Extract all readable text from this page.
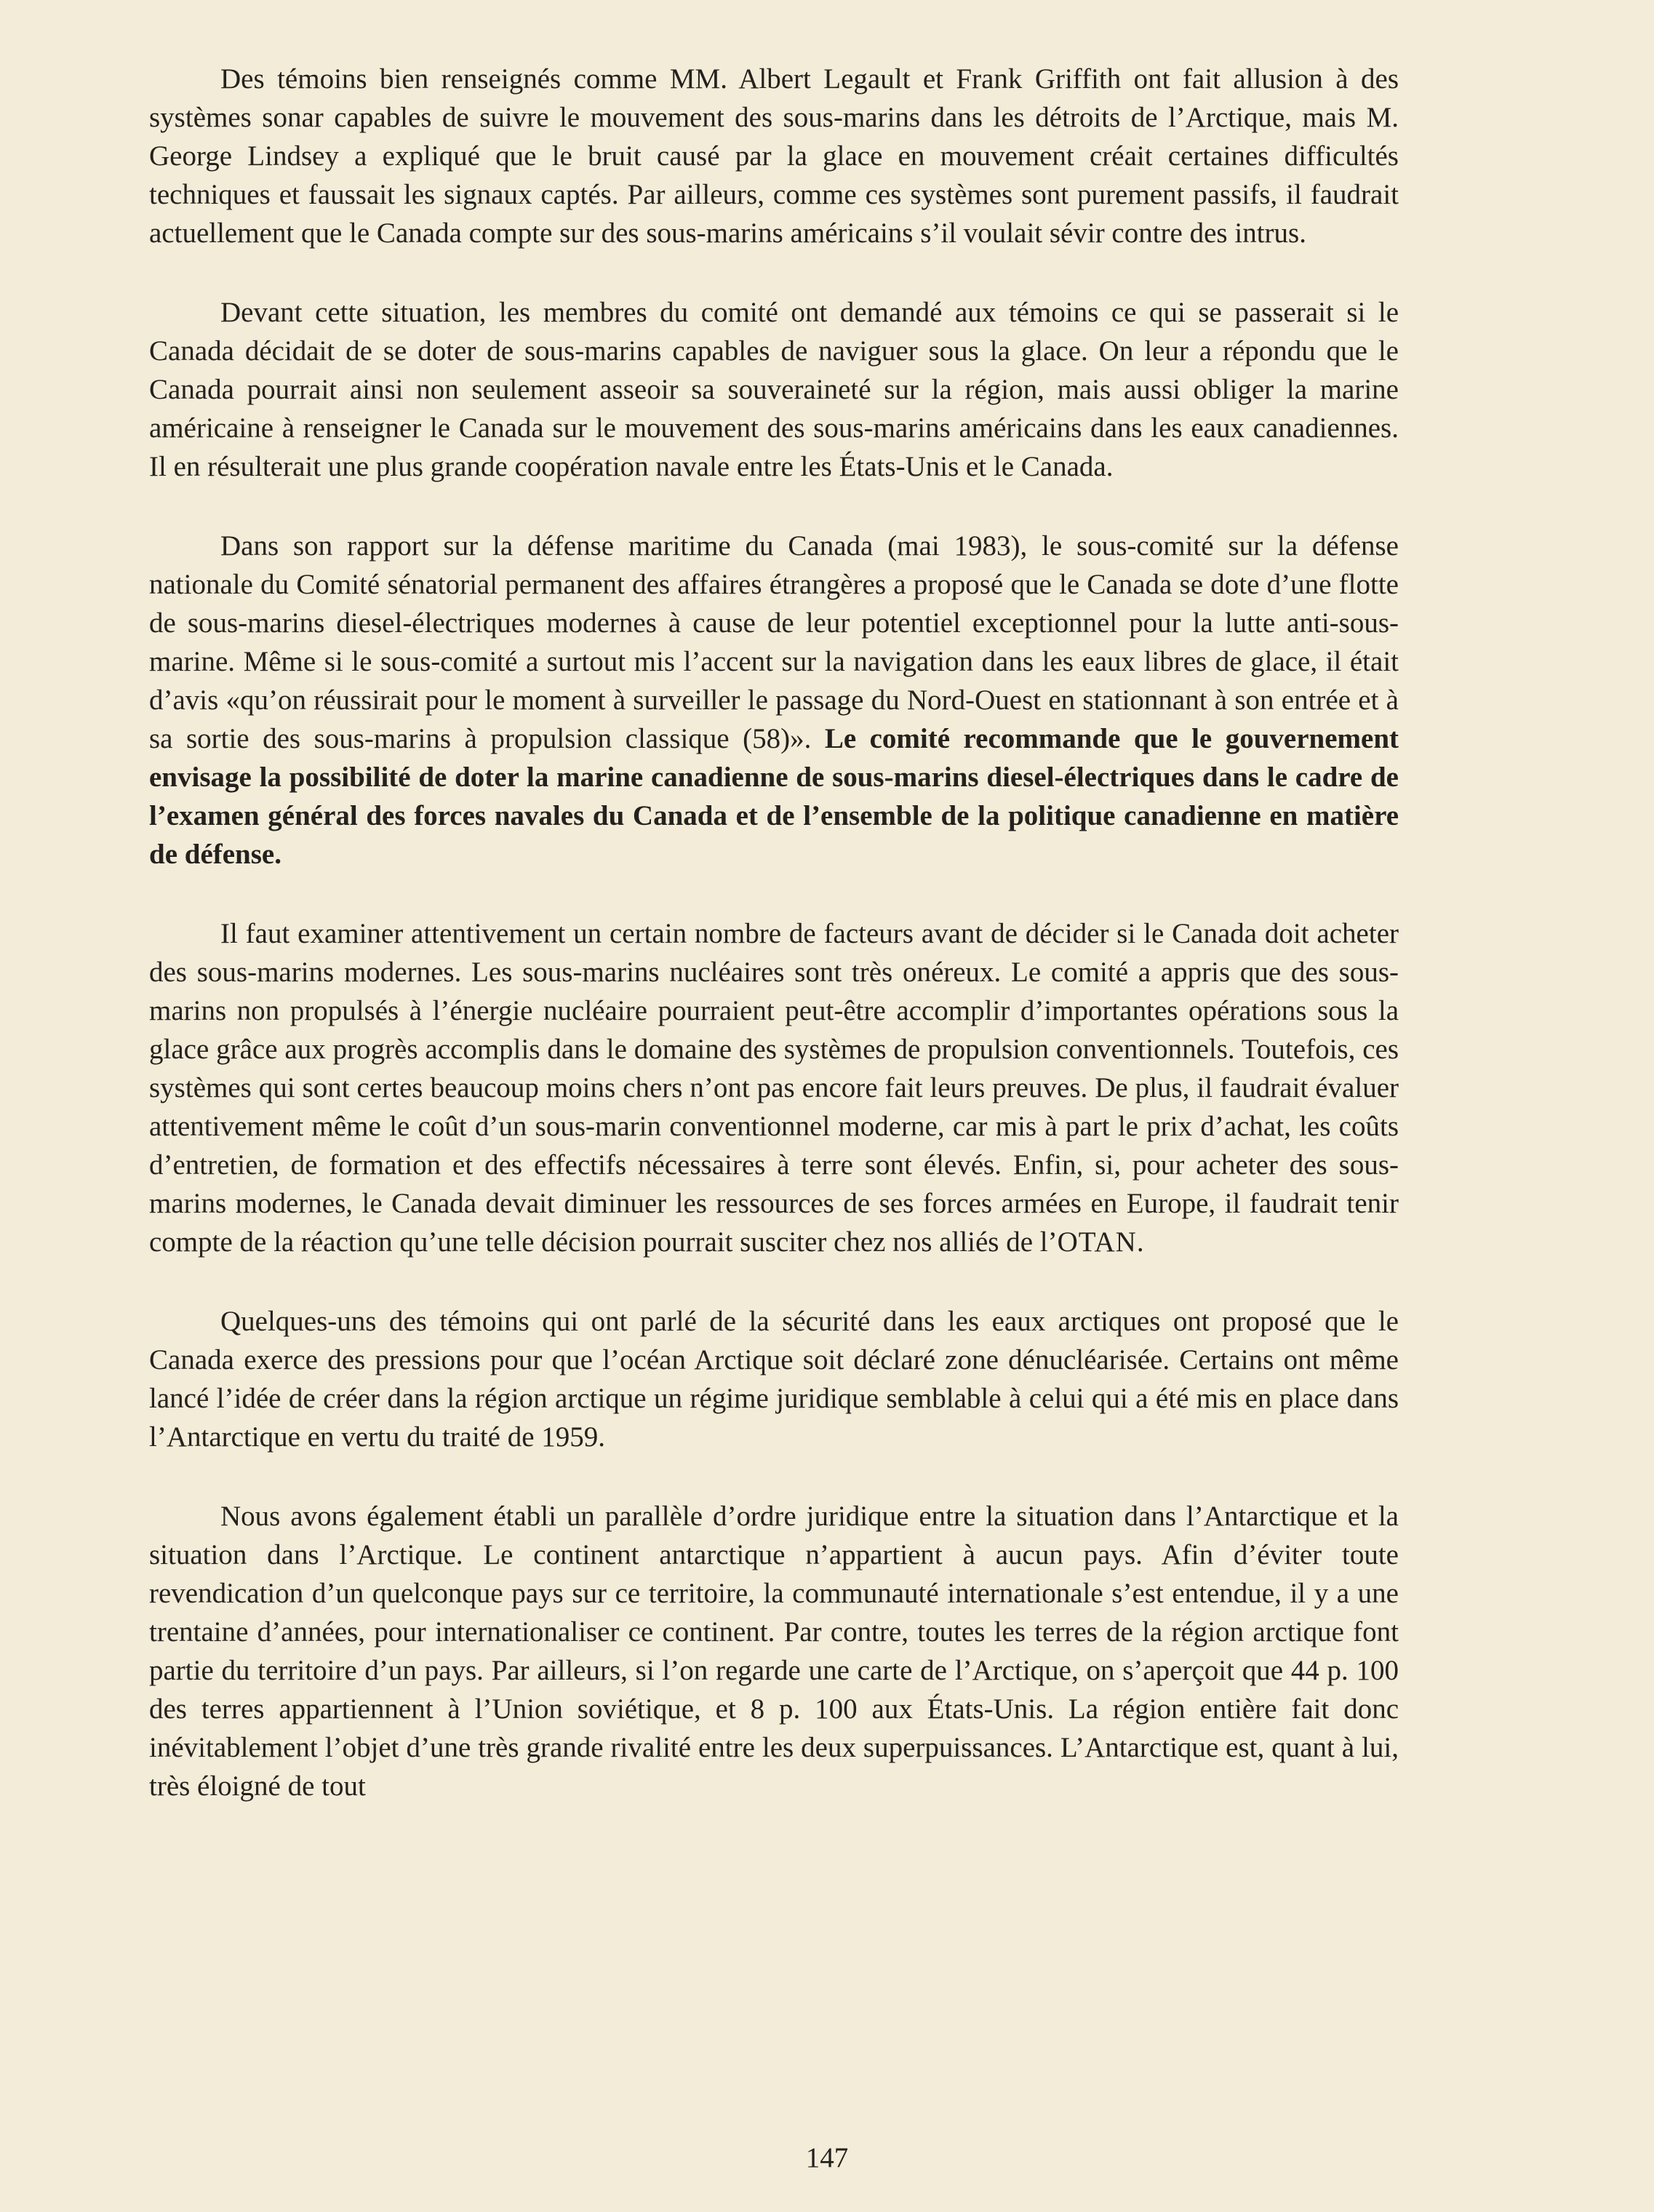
Des témoins bien renseignés comme MM. Albert Legault et Frank Griffith ont fait allusion à des systèmes sonar capables de suivre le mouvement des sous-marins dans les détroits de l’Arctique, mais M. George Lindsey a expliqué que le bruit causé par la glace en mouvement créait certaines difficultés techniques et faussait les signaux captés. Par ailleurs, comme ces systèmes sont purement passifs, il faudrait actuellement que le Canada compte sur des sous-marins américains s’il voulait sévir contre des intrus.

Devant cette situation, les membres du comité ont demandé aux témoins ce qui se passerait si le Canada décidait de se doter de sous-marins capables de naviguer sous la glace. On leur a répondu que le Canada pourrait ainsi non seulement asseoir sa souveraineté sur la région, mais aussi obliger la marine américaine à renseigner le Canada sur le mouvement des sous-marins américains dans les eaux canadiennes. Il en résulterait une plus grande coopération navale entre les États-Unis et le Canada.

Dans son rapport sur la défense maritime du Canada (mai 1983), le sous-comité sur la défense nationale du Comité sénatorial permanent des affaires étrangères a proposé que le Canada se dote d’une flotte de sous-marins diesel-électriques modernes à cause de leur potentiel exceptionnel pour la lutte anti-sous-marine. Même si le sous-comité a surtout mis l’accent sur la navigation dans les eaux libres de glace, il était d’avis «qu’on réussirait pour le moment à surveiller le passage du Nord-Ouest en stationnant à son entrée et à sa sortie des sous-marins à propulsion classique (58)». Le comité recommande que le gouvernement envisage la possibilité de doter la marine canadienne de sous-marins diesel-électriques dans le cadre de l’examen général des forces navales du Canada et de l’ensemble de la politique canadienne en matière de défense.

Il faut examiner attentivement un certain nombre de facteurs avant de décider si le Canada doit acheter des sous-marins modernes. Les sous-marins nucléaires sont très onéreux. Le comité a appris que des sous-marins non propulsés à l’énergie nucléaire pourraient peut-être accomplir d’importantes opérations sous la glace grâce aux progrès accomplis dans le domaine des systèmes de propulsion conventionnels. Toutefois, ces systèmes qui sont certes beaucoup moins chers n’ont pas encore fait leurs preuves. De plus, il faudrait évaluer attentivement même le coût d’un sous-marin conventionnel moderne, car mis à part le prix d’achat, les coûts d’entretien, de formation et des effectifs nécessaires à terre sont élevés. Enfin, si, pour acheter des sous-marins modernes, le Canada devait diminuer les ressources de ses forces armées en Europe, il faudrait tenir compte de la réaction qu’une telle décision pourrait susciter chez nos alliés de l’OTAN.

Quelques-uns des témoins qui ont parlé de la sécurité dans les eaux arctiques ont proposé que le Canada exerce des pressions pour que l’océan Arctique soit déclaré zone dénucléarisée. Certains ont même lancé l’idée de créer dans la région arctique un régime juridique semblable à celui qui a été mis en place dans l’Antarctique en vertu du traité de 1959.

Nous avons également établi un parallèle d’ordre juridique entre la situation dans l’Antarctique et la situation dans l’Arctique. Le continent antarctique n’appartient à aucun pays. Afin d’éviter toute revendication d’un quelconque pays sur ce territoire, la communauté internationale s’est entendue, il y a une trentaine d’années, pour internationaliser ce continent. Par contre, toutes les terres de la région arctique font partie du territoire d’un pays. Par ailleurs, si l’on regarde une carte de l’Arctique, on s’aperçoit que 44 p. 100 des terres appartiennent à l’Union soviétique, et 8 p. 100 aux États-Unis. La région entière fait donc inévitablement l’objet d’une très grande rivalité entre les deux superpuissances. L’Antarctique est, quant à lui, très éloigné de tout

147
